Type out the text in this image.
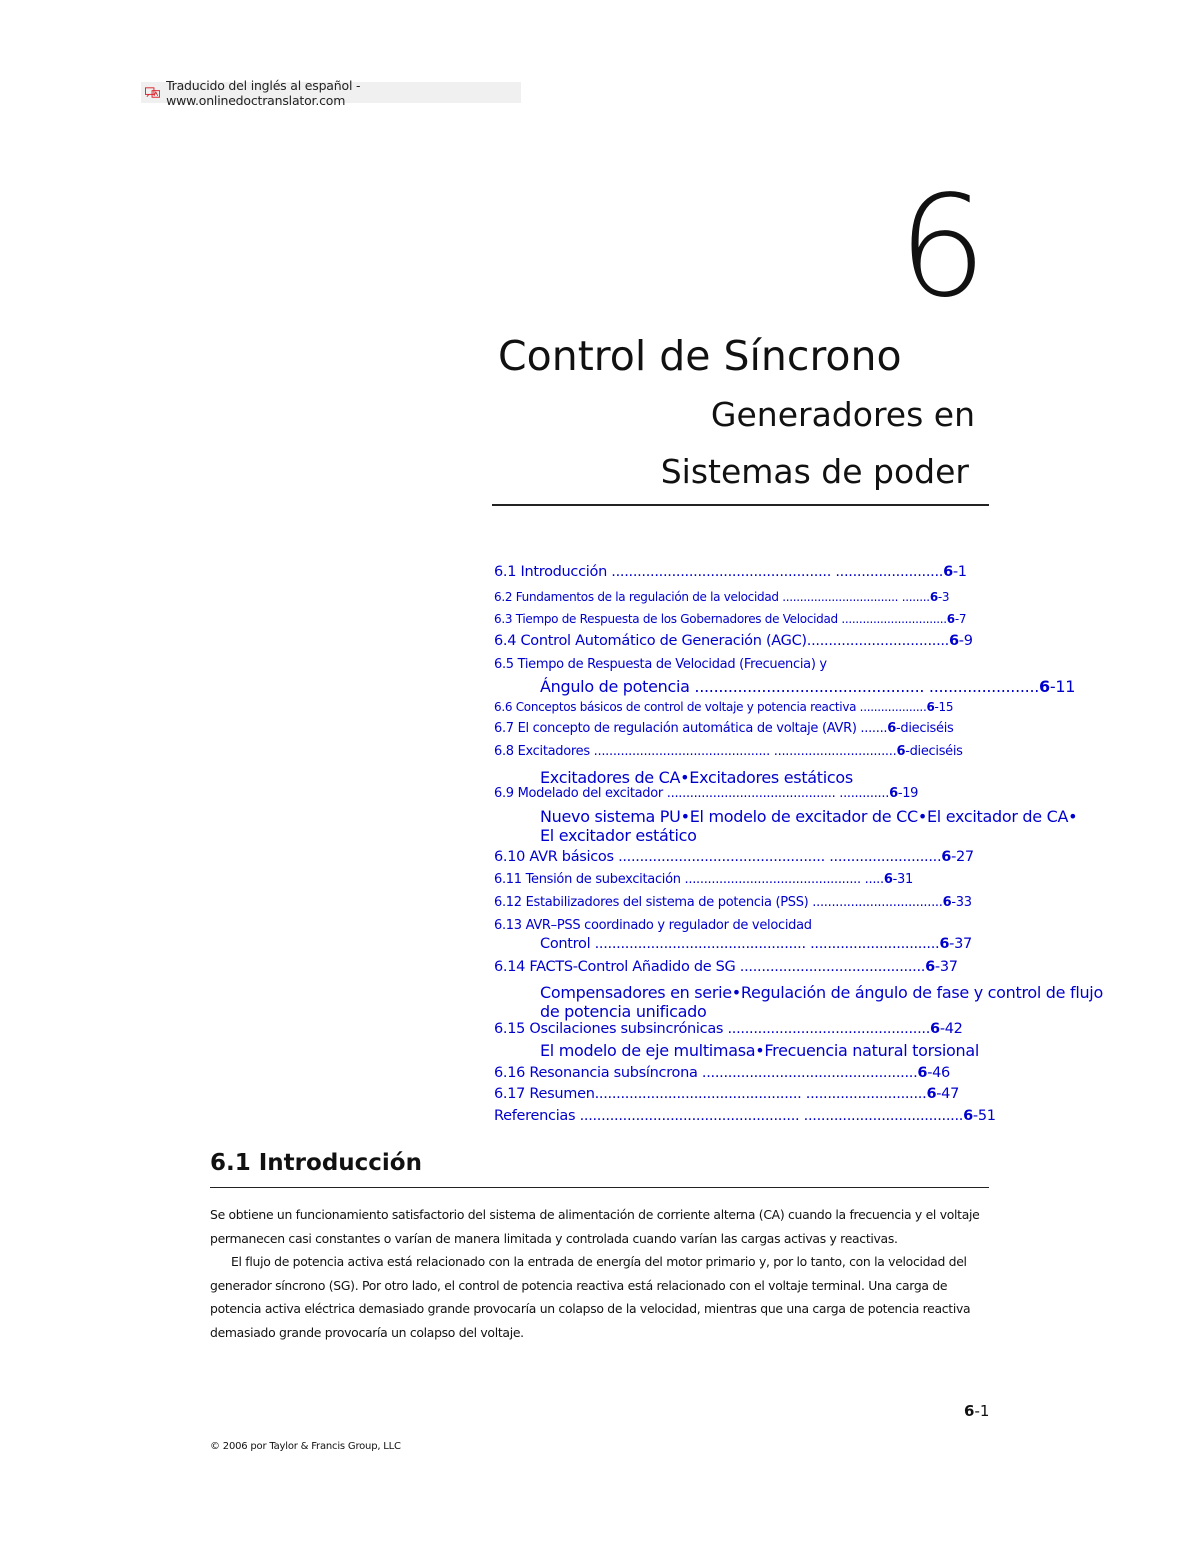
Traducido del inglés al español - www.onlinedoctranslator.com
6
Control de Síncrono
Generadores en
Sistemas de poder
6.1 Introducción ................................................... .........................6-1
6.2 Fundamentos de la regulación de la velocidad ................................. ........6-3
6.3 Tiempo de Respuesta de los Gobernadores de Velocidad ..............................6-7
6.4 Control Automático de Generación (AGC).................................6-9
6.5 Tiempo de Respuesta de Velocidad (Frecuencia) y
Ángulo de potencia ................................................ .......................6-11
6.6 Conceptos básicos de control de voltaje y potencia reactiva ...................6-15
6.7 El concepto de regulación automática de voltaje (AVR) .......6-dieciséis
6.8 Excitadores .............................................. ................................6-dieciséis
Excitadores de CA•Excitadores estáticos
6.9 Modelado del excitador ............................................ .............6-19
Nuevo sistema PU•El modelo de excitador de CC•El excitador de CA•
El excitador estático
6.10 AVR básicos ................................................ ..........................6-27
6.11 Tensión de subexcitación .............................................. .....6-31
6.12 Estabilizadores del sistema de potencia (PSS) ..................................6-33
6.13 AVR–PSS coordinado y regulador de velocidad
Control ................................................. ..............................6-37
6.14 FACTS-Control Añadido de SG ...........................................6-37
Compensadores en serie•Regulación de ángulo de fase y control de flujo
de potencia unificado
6.15 Oscilaciones subsincrónicas ...............................................6-42
El modelo de eje multimasa•Frecuencia natural torsional
6.16 Resonancia subsíncrona ..................................................6-46
6.17 Resumen................................................ ............................6-47
Referencias ................................................... .....................................6-51
6.1 Introducción

Se obtiene un funcionamiento satisfactorio del sistema de alimentación de corriente alterna (CA) cuando la frecuencia y el voltaje permanecen casi constantes o varían de manera limitada y controlada cuando varían las cargas activas y reactivas.

El flujo de potencia activa está relacionado con la entrada de energía del motor primario y, por lo tanto, con la velocidad del generador síncrono (SG). Por otro lado, el control de potencia reactiva está relacionado con el voltaje terminal. Una carga de potencia activa eléctrica demasiado grande provocaría un colapso de la velocidad, mientras que una carga de potencia reactiva demasiado grande provocaría un colapso del voltaje.

6-1
© 2006 por Taylor & Francis Group, LLC
